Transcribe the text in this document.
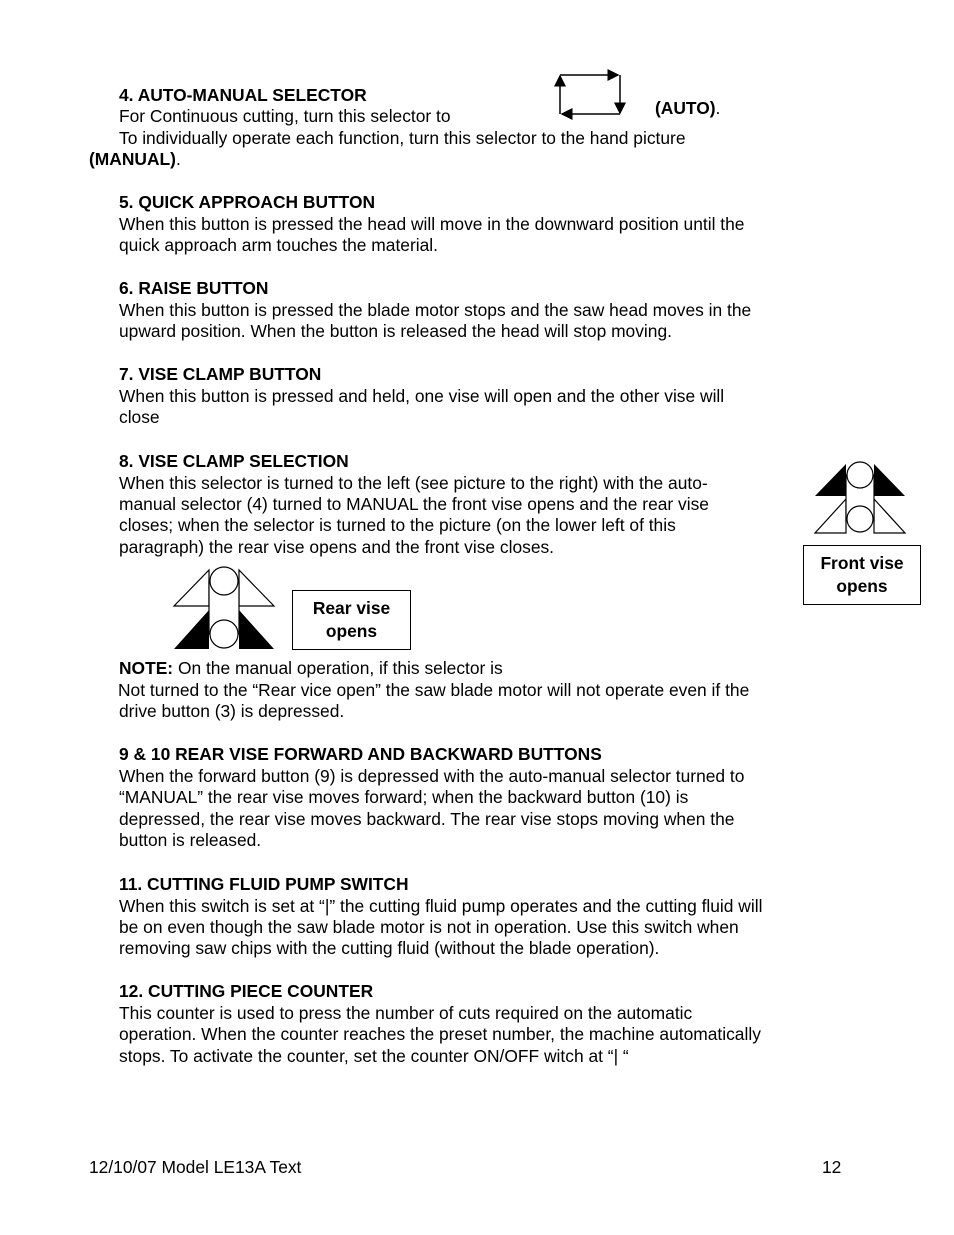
4. AUTO-MANUAL SELECTOR
For Continuous cutting, turn this selector to	(AUTO).
To individually operate each function, turn this selector to the hand picture
(MANUAL).
5. QUICK APPROACH BUTTON
When this button is pressed the head will move in the downward position until the
quick approach arm touches the material.
6. RAISE BUTTON
When this button is pressed the blade motor stops and the saw head moves in the
upward position. When the button is released the head will stop moving.
7. VISE CLAMP BUTTON
When this button is pressed and held, one vise will open and the other vise will
close
8. VISE CLAMP SELECTION
When this selector is turned to the left (see picture to the right) with the auto-
manual selector (4) turned to MANUAL the front vise opens and the rear vise
closes; when the selector is turned to the picture (on the lower left of this
paragraph) the rear vise opens and the front vise closes.
Front vise
opens
Rear vise
opens
NOTE: On the manual operation, if this selector is
Not turned to the “Rear vice open” the saw blade motor will not operate even if the
drive button (3) is depressed.
9 & 10 REAR VISE FORWARD AND BACKWARD BUTTONS
When the forward button (9) is depressed with the auto-manual selector turned to
“MANUAL” the rear vise moves forward; when the backward button (10) is
depressed, the rear vise moves backward. The rear vise stops moving when the
button is released.
11. CUTTING FLUID PUMP SWITCH
When this switch is set at “|” the cutting fluid pump operates and the cutting fluid will
be on even though the saw blade motor is not in operation. Use this switch when
removing saw chips with the cutting fluid (without the blade operation).
12. CUTTING PIECE COUNTER
This counter is used to press the number of cuts required on the automatic
operation. When the counter reaches the preset number, the machine automatically
stops. To activate the counter, set the counter ON/OFF witch at “| “
12/10/07 Model LE13A Text	12
